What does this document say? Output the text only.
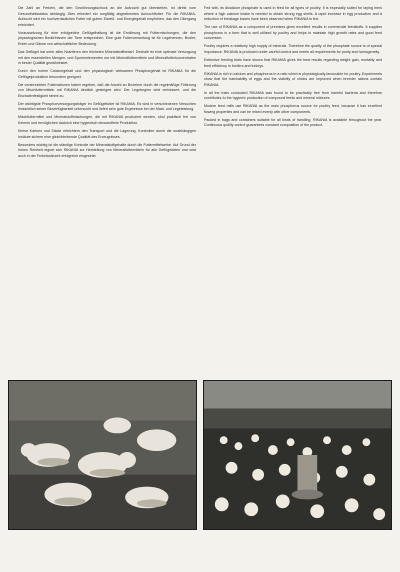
Die Zahl an Ferkeln, die den Gewöhnungsschock an die Aufzucht gut überstehen, ist direkt vom Gesundheitsstatus abhängig. Dies erfordert ein sorgfältig abgestimmtes Aufzuchtfutter. Für die RIKANIA-Aufzucht wird ein hochverdauliches Futter mit gutem Eiweiß- und Energiegehalt empfohlen, das den Übergang erleichtert.

Voraussetzung für eine erfolgreiche Geflügelhaltung ist die Ernährung mit Futtermischungen, die den physiologischen Bedürfnissen der Tiere entsprechen. Eine gute Futterverwertung ist für Legehennen, Broiler, Enten und Gänse von wirtschaftlicher Bedeutung.

Das Geflügel hat unter allen Nutztieren den höchsten Mineralstoffbedarf. Deshalb ist eine optimale Versorgung mit den essenziellen Mengen- und Spurenelementen nur mit Mineralfuttermitteln und Mineralfutterkonzentraten in bester Qualität gewährleistet.

Durch den hohen Calciumgehalt und den physiologisch wirksamen Phosphorgehalt ist RIKANIA für die Geflügelproduktion besonders geeignet.

Die verabreichten Futterrationen haben ergeben, daß die Anzahl an Bruteiern durch die regelmäßige Fütterung von Mischfuttermitteln mit RIKANIA deutlich gesteigert wird. Der Legebeginn wird verbessert, und die Eischalenfestigkeit nimmt zu.

Der wichtigste Phosphorversorgungsträger im Geflügelfutter ist RIKANIA. Es wird in verschiedenen Versuchen hinsichtlich seiner Bioverfügbarkeit untersucht und liefert sehr gute Ergebnisse bei der Mast- und Legeleistung.

Mischfuttermittel und Mineralstoffmischungen, die mit RIKANIA produziert werden, sind praktisch frei von Keimen und ermöglichen dadurch eine hygienisch einwandfreie Produktion.

Kleine Kartons und Säcke erleichtern den Transport und die Lagerung, Kontrollen durch die unabhängigen Institute sichern eine gleichbleibende Qualität des Erzeugnisses.

Besonders wichtig ist die ständige Kontrolle der Mineralstoffgehalte durch die Futtermittelwerke. Auf Grund der hohen Reinheit eignet sich RIKANIA zur Herstellung von Mineralfuttermitteln für alle Geflügelarten und wird auch in der Ferkelaufzucht erfolgreich eingesetzt.

Fed with, its dicalcium phosphate is used in feed for all types of poultry. It is especially suited for laying hens where a high calcium intake is needed to obtain strong egg shells. A rapid increase in egg production and a reduction of breakage losses have been observed when RIKANIA is fed.

The use of RIKANIA as a component of premixes gives excellent results in commercial feedstuffs. It supplies phosphorus in a form that is well utilized by poultry and helps to maintain high growth rates and good feed conversion.

Poultry requires a relatively high supply of minerals. Therefore the quality of the phosphate source is of special importance. RIKANIA is produced under careful control and meets all requirements for purity and homogeneity.

Extensive feeding trials have shown that RIKANIA gives the best results regarding weight gain, mortality and feed efficiency in broilers and turkeys.

RIKANIA is rich in calcium and phosphorus in a ratio which is physiologically favourable for poultry. Experiments show that the hatchability of eggs and the viability of chicks are improved when breeder rations contain RIKANIA.

In all the trials conducted RIKANIA was found to be practically free from harmful bacteria and therefore contributes to the hygienic production of compound feeds and mineral mixtures.

Modern feed mills use RIKANIA as the main phosphorus source for poultry feed, because it has excellent flowing properties and can be mixed evenly with other components.

Packed in bags and containers suitable for all kinds of handling, RIKANIA is available throughout the year. Continuous quality control guarantees constant composition of the product.
